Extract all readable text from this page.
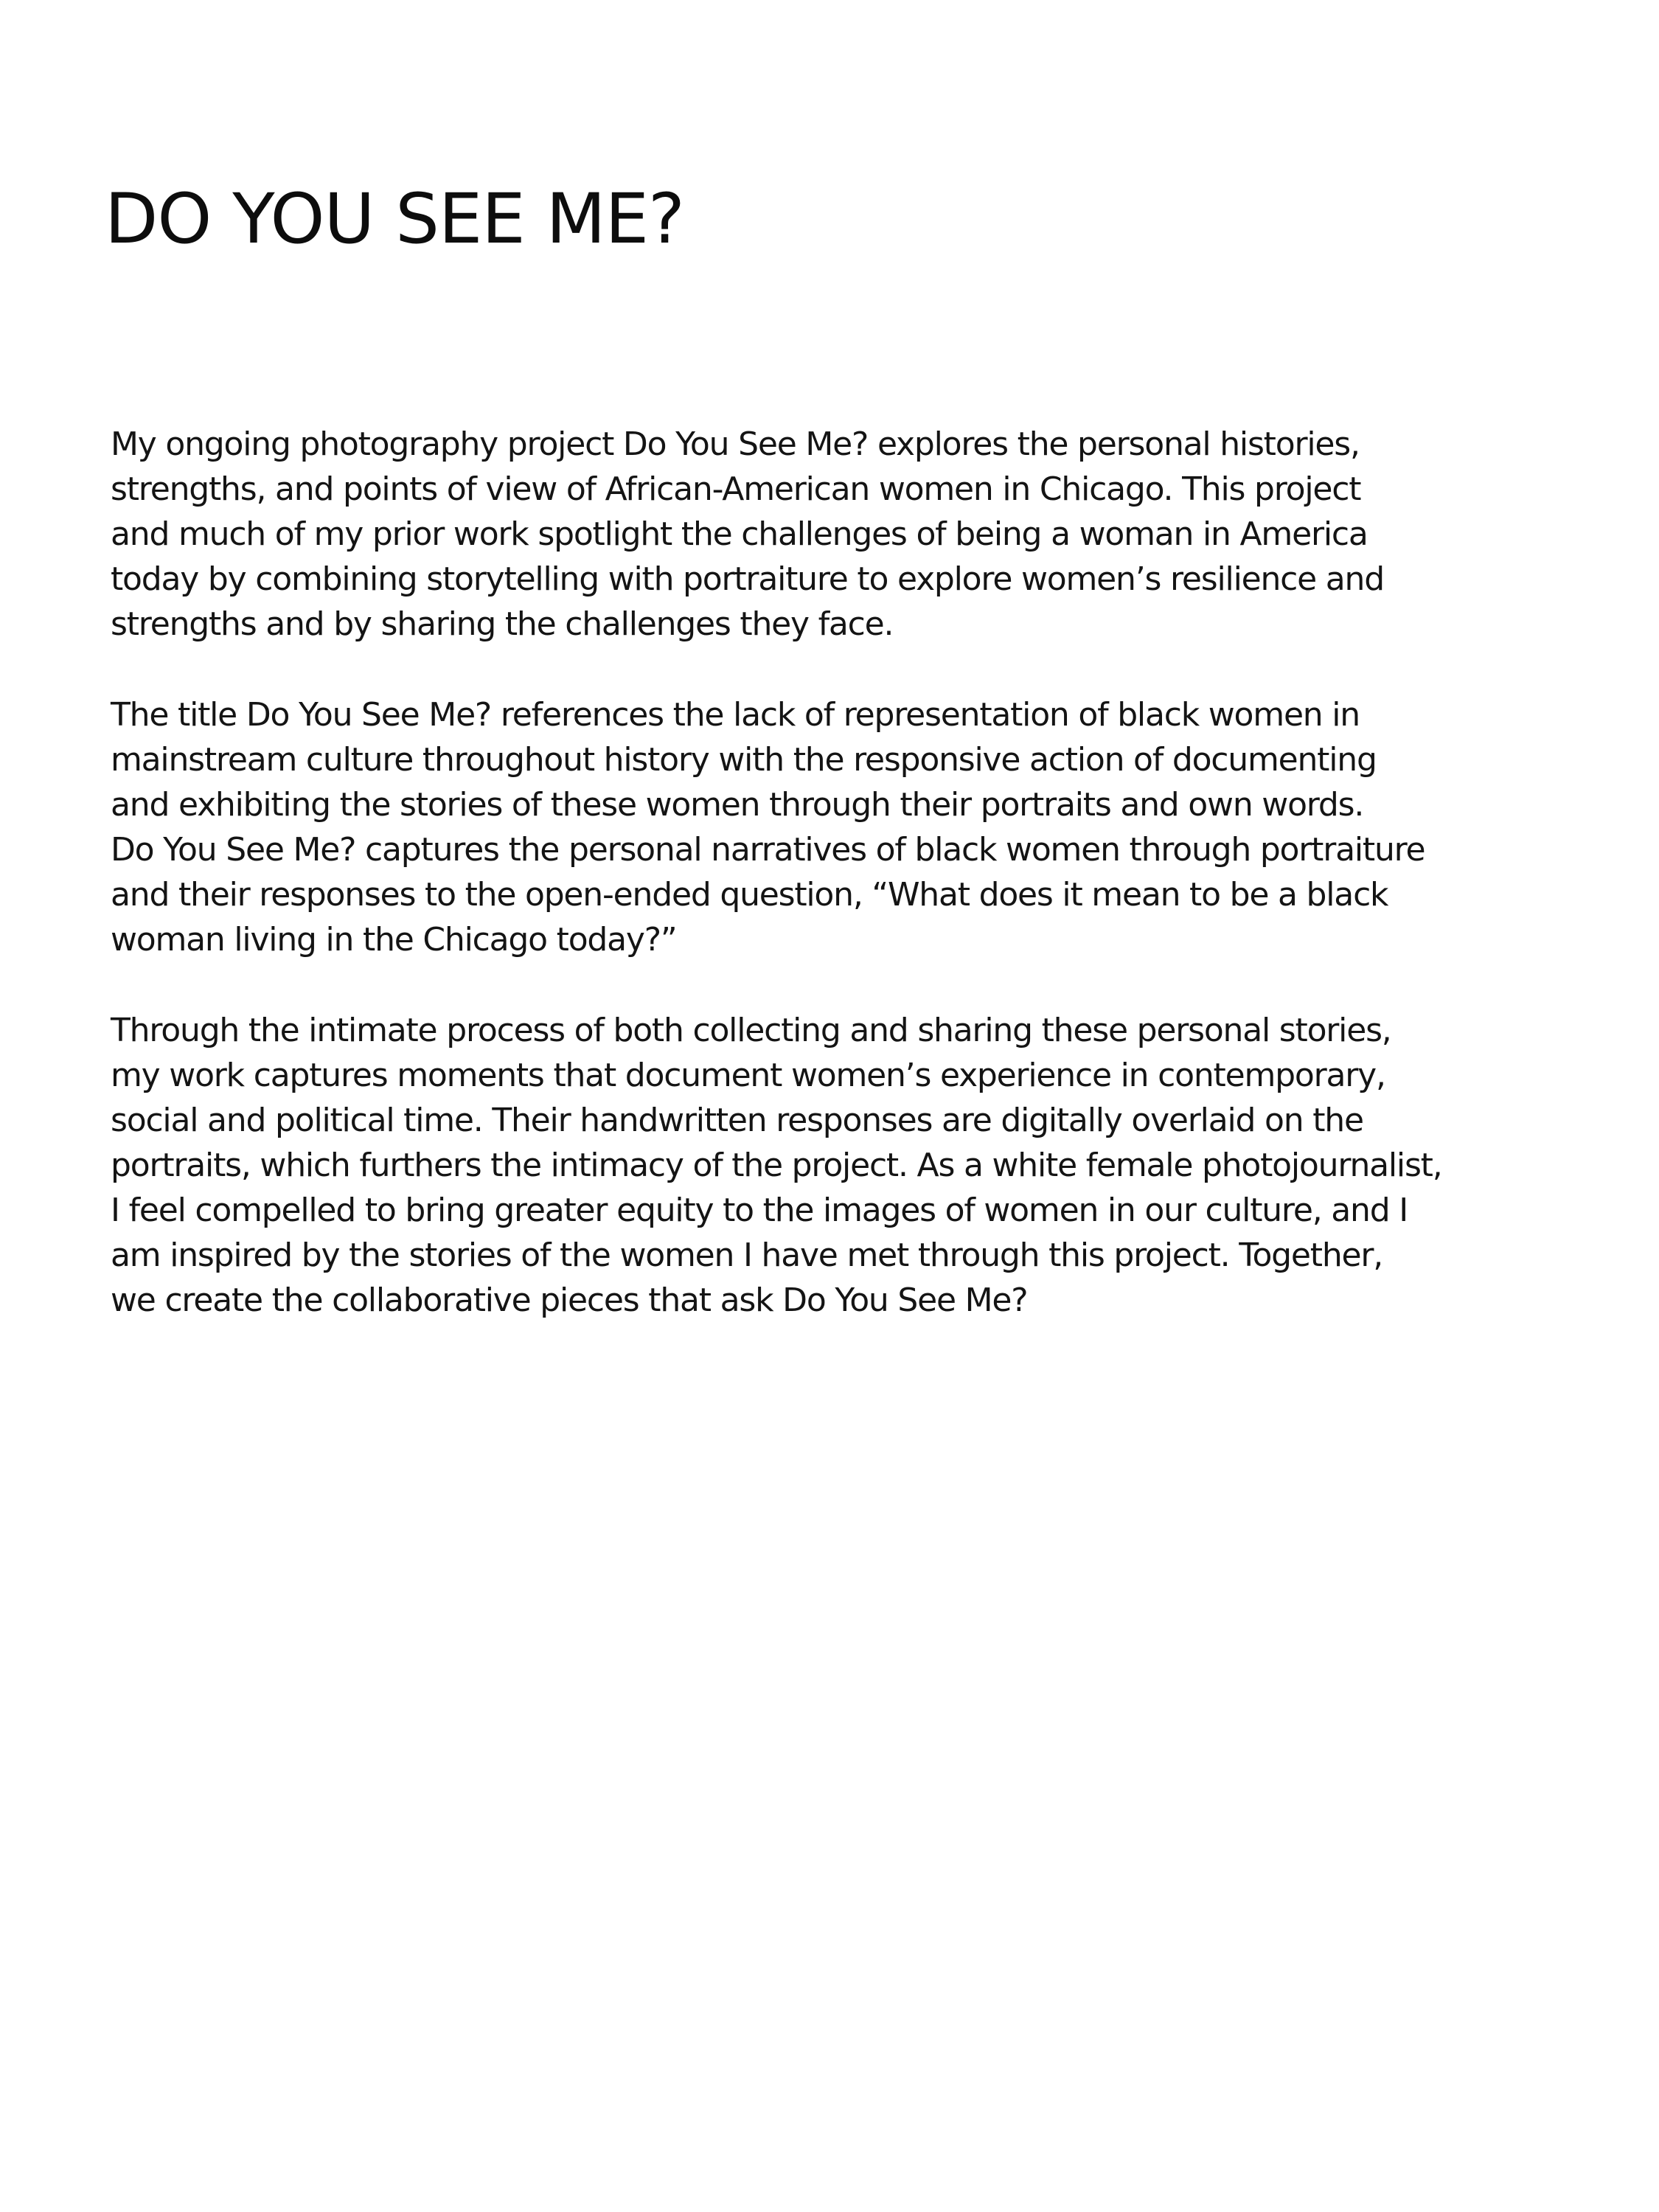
DO YOU SEE ME?

My ongoing photography project Do You See Me? explores the personal histories,
strengths, and points of view of African-American women in Chicago. This project
and much of my prior work spotlight the challenges of being a woman in America
today by combining storytelling with portraiture to explore women’s resilience and
strengths and by sharing the challenges they face.

The title Do You See Me? references the lack of representation of black women in
mainstream culture throughout history with the responsive action of documenting
and exhibiting the stories of these women through their portraits and own words.
Do You See Me? captures the personal narratives of black women through portraiture
and their responses to the open-ended question, “What does it mean to be a black
woman living in the Chicago today?”

Through the intimate process of both collecting and sharing these personal stories,
my work captures moments that document women’s experience in contemporary,
social and political time. Their handwritten responses are digitally overlaid on the
portraits, which furthers the intimacy of the project. As a white female photojournalist,
I feel compelled to bring greater equity to the images of women in our culture, and I
am inspired by the stories of the women I have met through this project. Together,
we create the collaborative pieces that ask Do You See Me?
